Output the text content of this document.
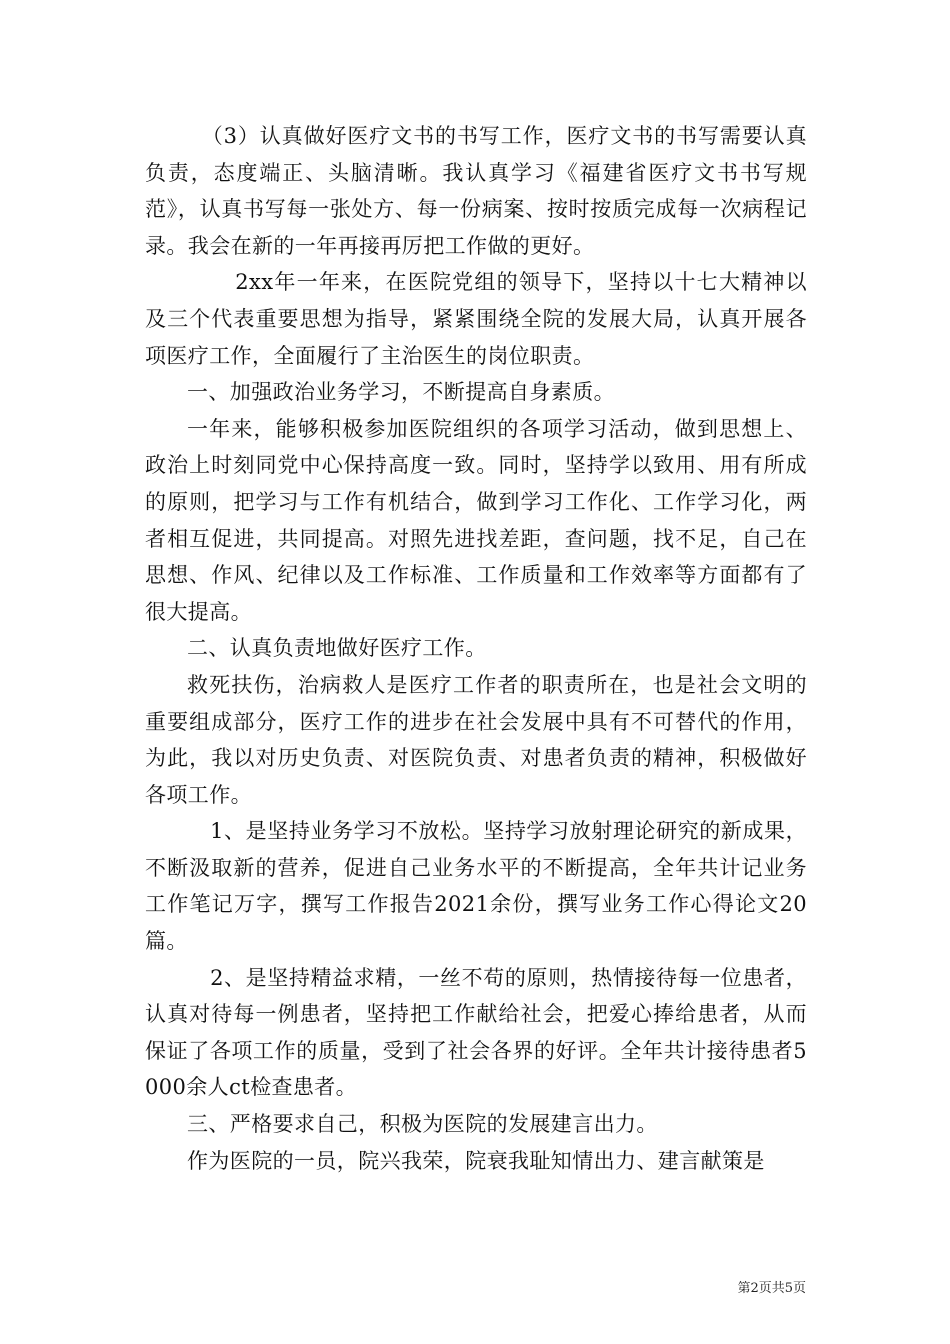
（3）认真做好医疗文书的书写工作，医疗文书的书写需要认真负责，态度端正、头脑清晰。我认真学习《福建省医疗文书书写规范》，认真书写每一张处方、每一份病案、按时按质完成每一次病程记录。我会在新的一年再接再厉把工作做的更好。

2xx年一年来，在医院党组的领导下，坚持以十七大精神以及三个代表重要思想为指导，紧紧围绕全院的发展大局，认真开展各项医疗工作，全面履行了主治医生的岗位职责。

一、加强政治业务学习，不断提高自身素质。

一年来，能够积极参加医院组织的各项学习活动，做到思想上、政治上时刻同党中心保持高度一致。同时，坚持学以致用、用有所成的原则，把学习与工作有机结合，做到学习工作化、工作学习化，两者相互促进，共同提高。对照先进找差距，查问题，找不足，自己在思想、作风、纪律以及工作标准、工作质量和工作效率等方面都有了很大提高。

二、认真负责地做好医疗工作。

救死扶伤，治病救人是医疗工作者的职责所在，也是社会文明的重要组成部分，医疗工作的进步在社会发展中具有不可替代的作用，为此，我以对历史负责、对医院负责、对患者负责的精神，积极做好各项工作。

1、是坚持业务学习不放松。坚持学习放射理论研究的新成果，不断汲取新的营养，促进自己业务水平的不断提高，全年共计记业务工作笔记万字，撰写工作报告2021余份，撰写业务工作心得论文20篇。

2、是坚持精益求精，一丝不苟的原则，热情接待每一位患者，认真对待每一例患者，坚持把工作献给社会，把爱心捧给患者，从而保证了各项工作的质量，受到了社会各界的好评。全年共计接待患者5000余人ct检查患者。

三、严格要求自己，积极为医院的发展建言出力。

作为医院的一员，院兴我荣，院衰我耻知情出力、建言献策是

第2页共5页
